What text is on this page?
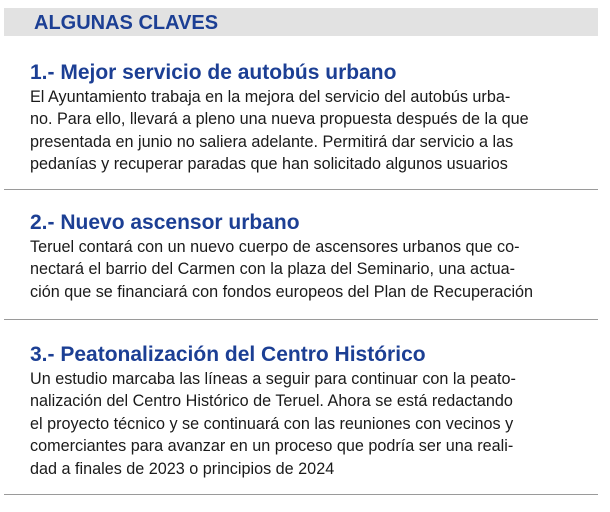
ALGUNAS CLAVES
1.- Mejor servicio de autobús urbano

El Ayuntamiento trabaja en la mejora del servicio del autobús urba-
no. Para ello, llevará a pleno una nueva propuesta después de la que
presentada en junio no saliera adelante. Permitirá dar servicio a las
pedanías y recuperar paradas que han solicitado algunos usuarios

2.- Nuevo ascensor urbano

Teruel contará con un nuevo cuerpo de ascensores urbanos que co-
nectará el barrio del Carmen con la plaza del Seminario, una actua-
ción que se financiará con fondos europeos del Plan de Recuperación

3.- Peatonalización del Centro Histórico

Un estudio marcaba las líneas a seguir para continuar con la peato-
nalización del Centro Histórico de Teruel. Ahora se está redactando
el proyecto técnico y se continuará con las reuniones con vecinos y
comerciantes para avanzar en un proceso que podría ser una reali-
dad a finales de 2023 o principios de 2024
